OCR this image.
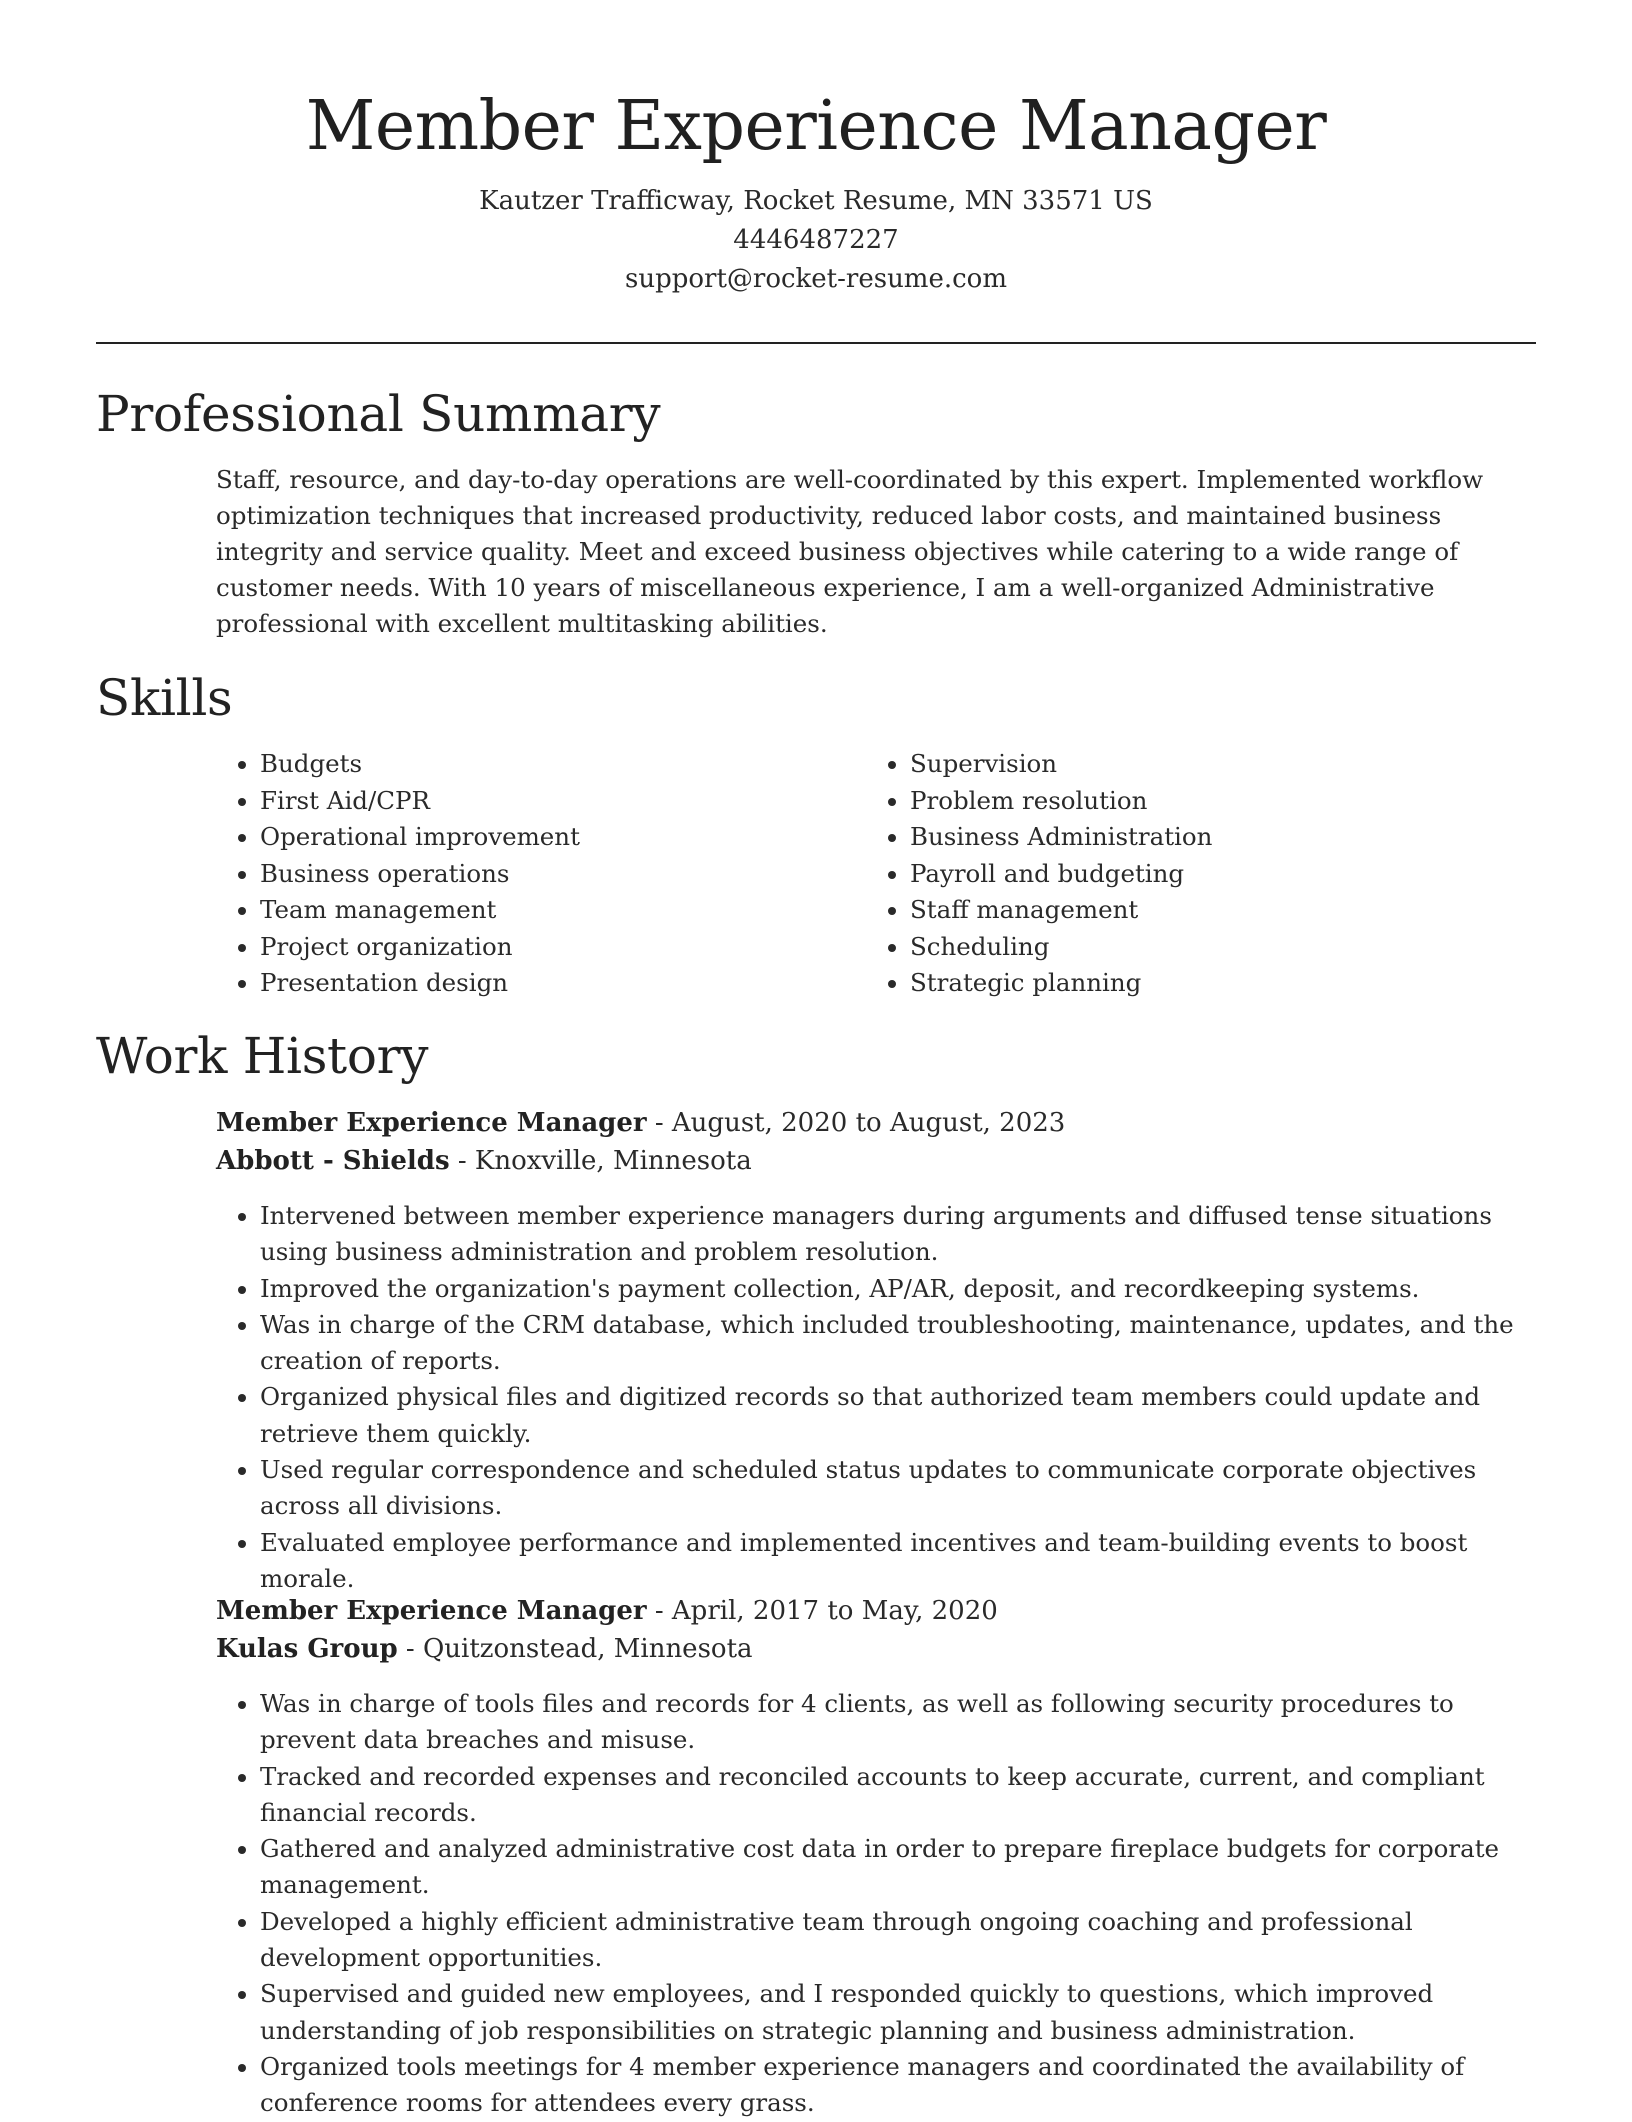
Member Experience Manager
Kautzer Trafficway, Rocket Resume, MN 33571 US
4446487227
support@rocket-resume.com
Professional Summary

Staff, resource, and day-to-day operations are well-coordinated by this expert. Implemented workflow optimization techniques that increased productivity, reduced labor costs, and maintained business integrity and service quality. Meet and exceed business objectives while catering to a wide range of customer needs. With 10 years of miscellaneous experience, I am a well-organized Administrative professional with excellent multitasking abilities.

Skills
• Budgets
• First Aid/CPR
• Operational improvement
• Business operations
• Team management
• Project organization
• Presentation design
• Supervision
• Problem resolution
• Business Administration
• Payroll and budgeting
• Staff management
• Scheduling
• Strategic planning
Work History
Member Experience Manager - August, 2020 to August, 2023
Abbott - Shields - Knoxville, Minnesota
• Intervened between member experience managers during arguments and diffused tense situations using business administration and problem resolution.
• Improved the organization's payment collection, AP/AR, deposit, and recordkeeping systems.
• Was in charge of the CRM database, which included troubleshooting, maintenance, updates, and the creation of reports.
• Organized physical files and digitized records so that authorized team members could update and retrieve them quickly.
• Used regular correspondence and scheduled status updates to communicate corporate objectives across all divisions.
• Evaluated employee performance and implemented incentives and team-building events to boost morale.
Member Experience Manager - April, 2017 to May, 2020
Kulas Group - Quitzonstead, Minnesota
• Was in charge of tools files and records for 4 clients, as well as following security procedures to prevent data breaches and misuse.
• Tracked and recorded expenses and reconciled accounts to keep accurate, current, and compliant financial records.
• Gathered and analyzed administrative cost data in order to prepare fireplace budgets for corporate management.
• Developed a highly efficient administrative team through ongoing coaching and professional development opportunities.
• Supervised and guided new employees, and I responded quickly to questions, which improved understanding of job responsibilities on strategic planning and business administration.
• Organized tools meetings for 4 member experience managers and coordinated the availability of conference rooms for attendees every grass.
